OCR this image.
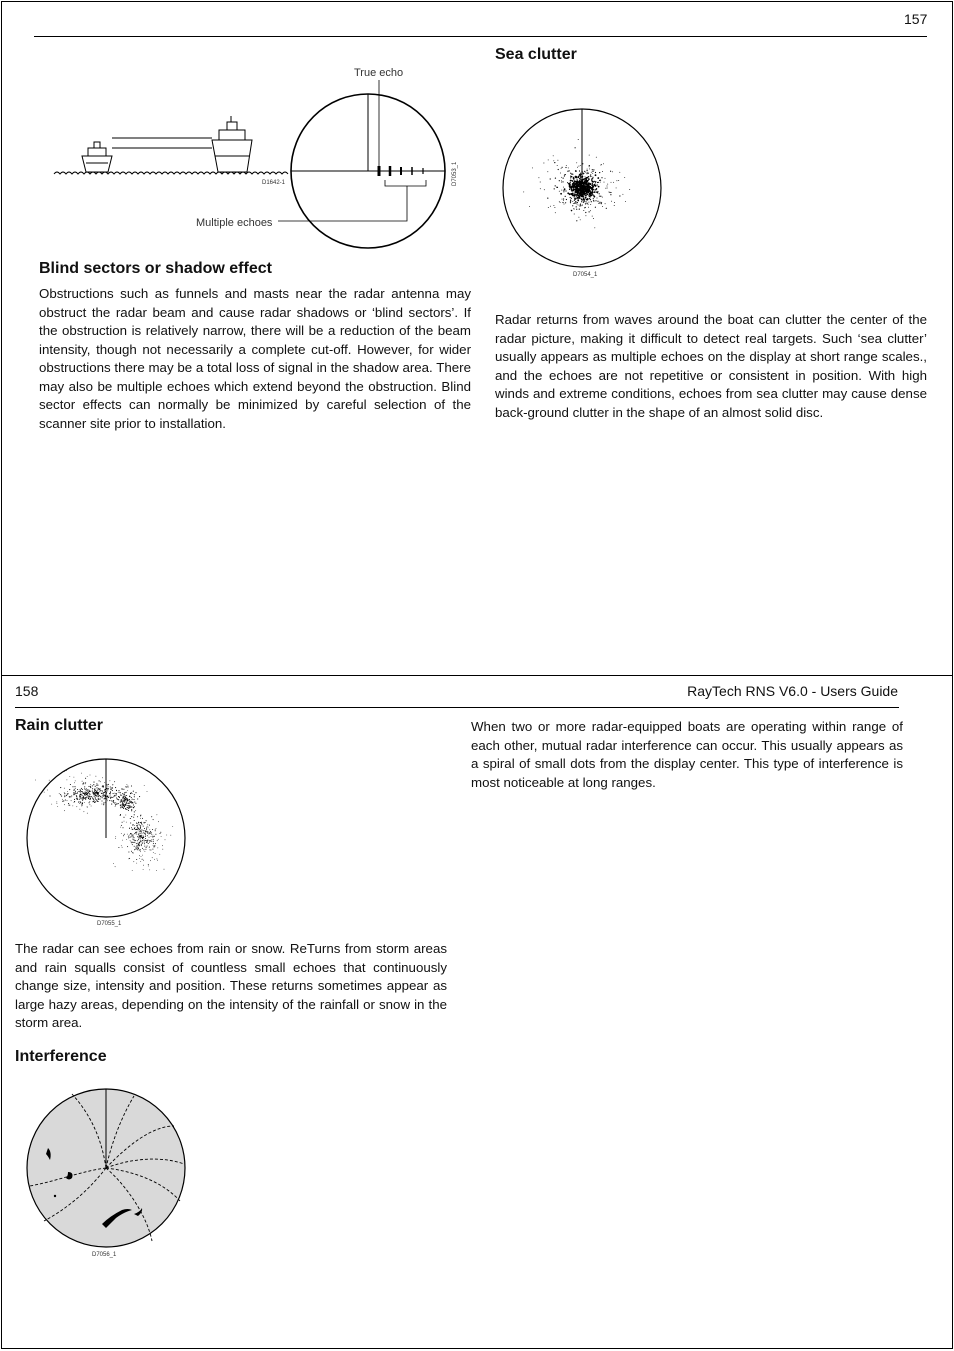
157
True echo
Multiple echoes
D1642-1	D7053_1
Blind sectors or shadow effect

Obstructions such as funnels and masts near the radar antenna may obstruct the radar beam and cause radar shadows or ‘blind sectors’. If the obstruction is relatively narrow, there will be a reduction of the beam intensity, though not necessarily a complete cut-off. However, for wider obstructions there may be a total loss of signal in the shadow area. There may also be multiple echoes which extend beyond the obstruction. Blind sector effects can normally be minimized by careful selection of the scanner site prior to installation.

Sea clutter
D7054_1

Radar returns from waves around the boat can clutter the center of the radar picture, making it difficult to detect real targets. Such ‘sea clutter’ usually appears as multiple echoes on the display at short range scales., and the echoes are not repetitive or consistent in position. With high winds and extreme conditions, echoes from sea clutter may cause dense back-ground clutter in the shape of an almost solid disc.

158	RayTech RNS V6.0 - Users Guide
Rain clutter
D7055_1

The radar can see echoes from rain or snow. ReTurns from storm areas and rain squalls consist of countless small echoes that continuously change size, intensity and position. These returns sometimes appear as large hazy areas, depending on the intensity of the rainfall or snow in the storm area.

Interference
D7056_1

When two or more radar-equipped boats are operating within range of each other, mutual radar interference can occur. This usually appears as a spiral of small dots from the display center. This type of interference is most noticeable at long ranges.
